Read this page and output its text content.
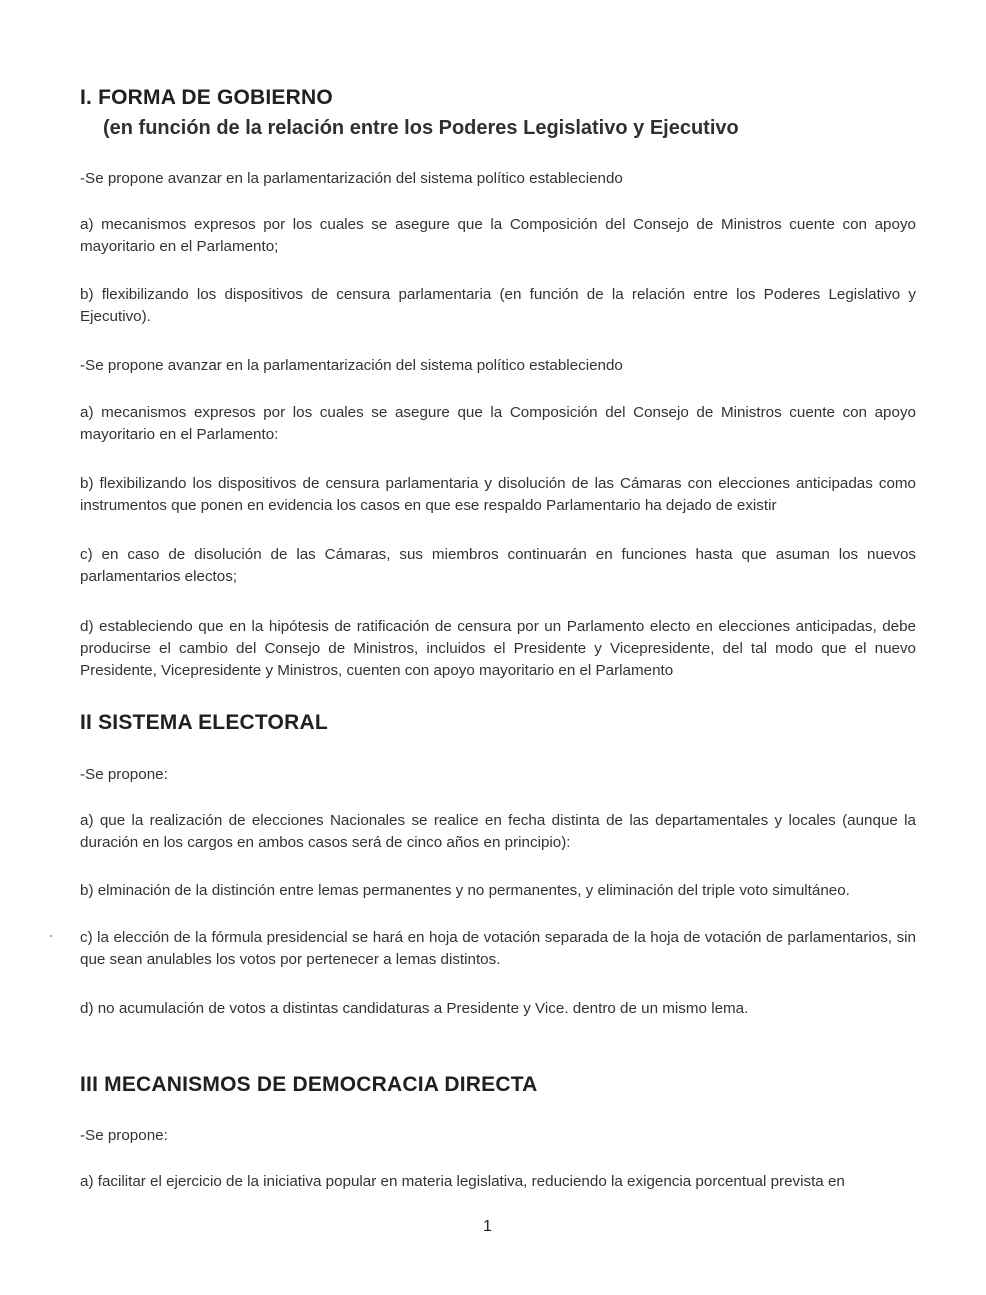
I. FORMA DE GOBIERNO
(en función de la relación entre los Poderes Legislativo y Ejecutivo

-Se propone avanzar en la parlamentarización del sistema político estableciendo

a) mecanismos expresos por los cuales se asegure que la Composición del Consejo de Ministros cuente con apoyo mayoritario en el Parlamento;

b) flexibilizando los dispositivos de censura parlamentaria (en función de la relación entre los Poderes Legislativo y Ejecutivo).

-Se propone avanzar en la parlamentarización del sistema político estableciendo

a) mecanismos expresos por los cuales se asegure que la Composición del Consejo de Ministros cuente con apoyo mayoritario en el Parlamento:

b) flexibilizando los dispositivos de censura parlamentaria y disolución de las Cámaras con elecciones anticipadas como instrumentos que ponen en evidencia los casos en que ese respaldo Parlamentario ha dejado de existir

c) en caso de disolución de las Cámaras, sus miembros continuarán en funciones hasta que asuman los nuevos parlamentarios electos;

d) estableciendo que en la hipótesis de ratificación de censura por un Parlamento electo en elecciones anticipadas, debe producirse el cambio del Consejo de Ministros, incluidos el Presidente y Vicepresidente, del tal modo que el nuevo Presidente, Vicepresidente y Ministros, cuenten con apoyo mayoritario en el Parlamento

II SISTEMA ELECTORAL

-Se propone:

a) que la realización de elecciones Nacionales se realice en fecha distinta de las departamentales y locales (aunque la duración en los cargos en ambos casos será de cinco años en principio):

b) elminación de la distinción entre lemas permanentes y no permanentes, y eliminación del triple voto simultáneo.

c) la elección de la fórmula presidencial se hará en hoja de votación separada de la hoja de votación de parlamentarios, sin que sean anulables los votos por pertenecer a lemas distintos.

d) no acumulación de votos a distintas candidaturas a Presidente y Vice. dentro de un mismo lema.

III MECANISMOS DE DEMOCRACIA DIRECTA

-Se propone:

a) facilitar el ejercicio de la iniciativa popular en materia legislativa, reduciendo la exigencia porcentual prevista en

1
